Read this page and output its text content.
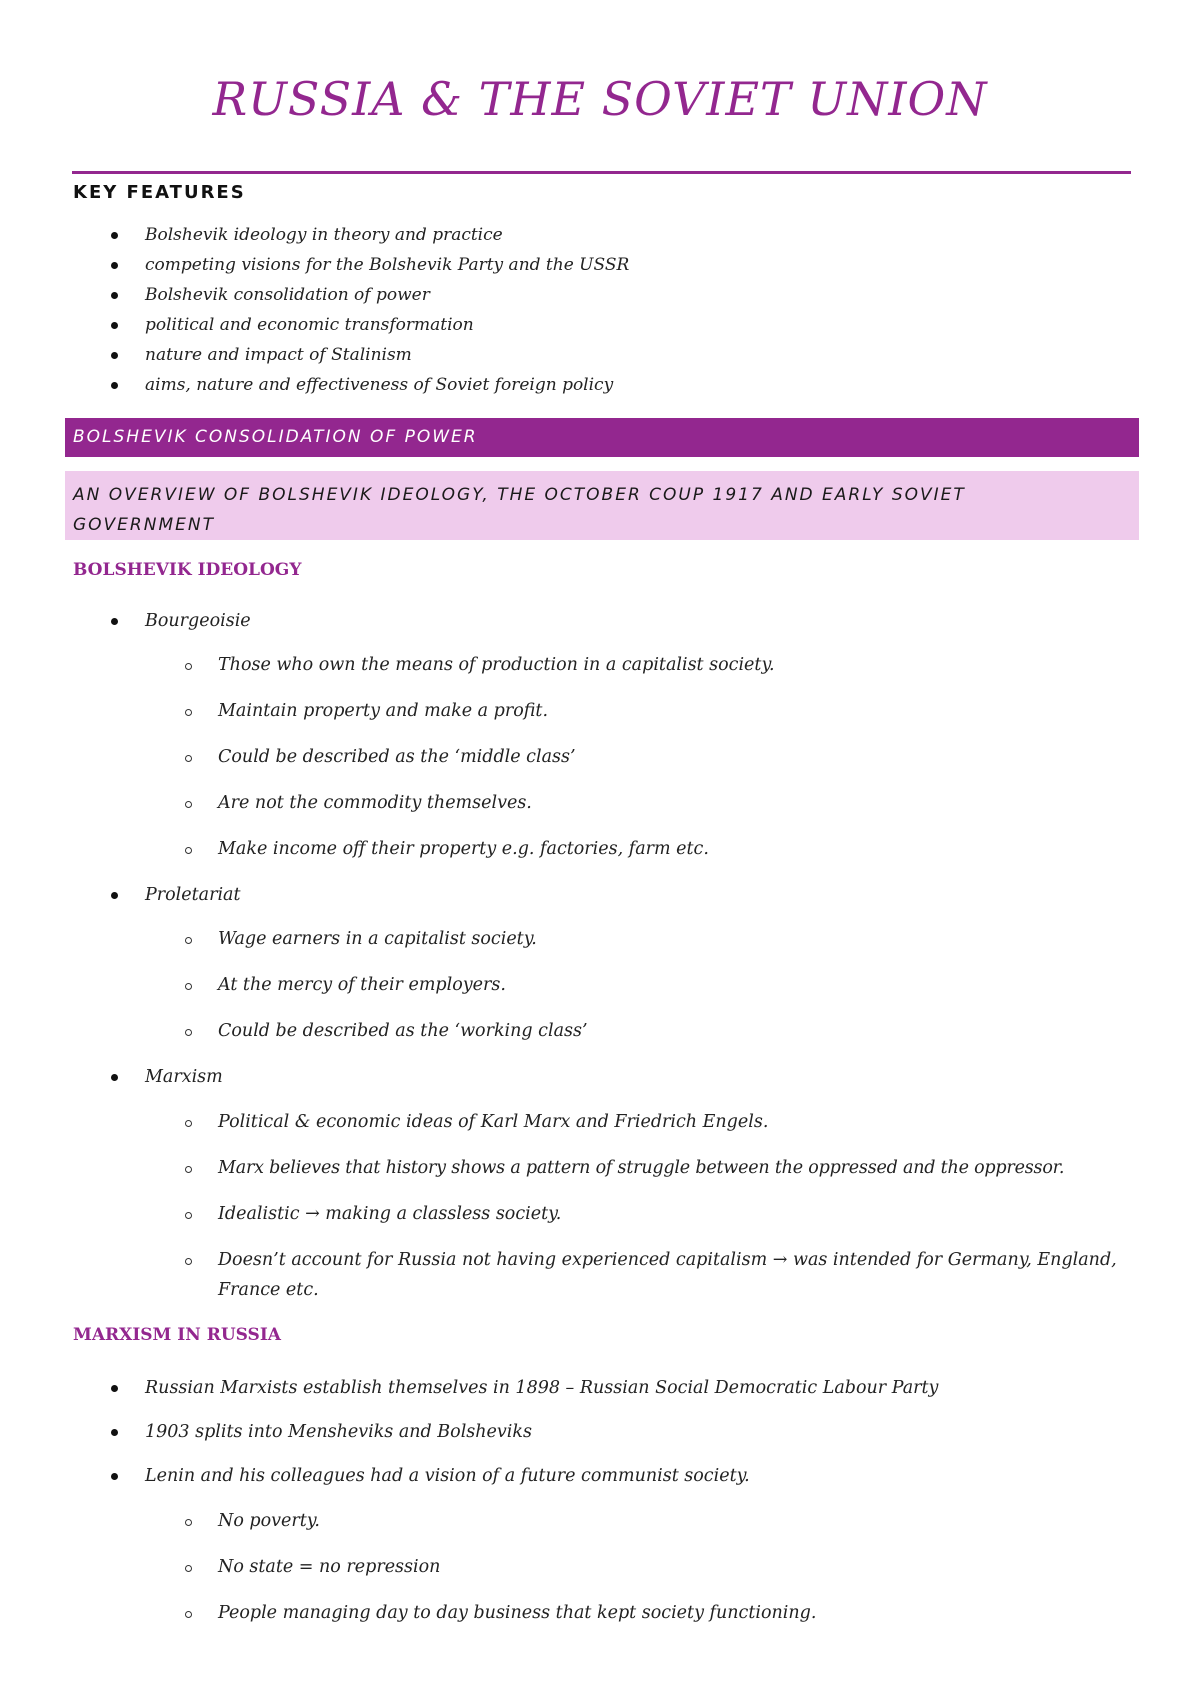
RUSSIA & THE SOVIET UNION
KEY FEATURES
Bolshevik ideology in theory and practice
competing visions for the Bolshevik Party and the USSR
Bolshevik consolidation of power
political and economic transformation
nature and impact of Stalinism
aims, nature and effectiveness of Soviet foreign policy
BOLSHEVIK CONSOLIDATION OF POWER
AN OVERVIEW OF BOLSHEVIK IDEOLOGY, THE OCTOBER COUP 1917 AND EARLY SOVIET GOVERNMENT
BOLSHEVIK IDEOLOGY
Bourgeoisie
Those who own the means of production in a capitalist society.
Maintain property and make a profit.
Could be described as the ‘middle class’
Are not the commodity themselves.
Make income off their property e.g. factories, farm etc.
Proletariat
Wage earners in a capitalist society.
At the mercy of their employers.
Could be described as the ‘working class’
Marxism
Political & economic ideas of Karl Marx and Friedrich Engels.
Marx believes that history shows a pattern of struggle between the oppressed and the oppressor.
Idealistic → making a classless society.
Doesn’t account for Russia not having experienced capitalism → was intended for Germany, England, France etc.
MARXISM IN RUSSIA
Russian Marxists establish themselves in 1898 – Russian Social Democratic Labour Party
1903 splits into Mensheviks and Bolsheviks
Lenin and his colleagues had a vision of a future communist society.
No poverty.
No state = no repression
People managing day to day business that kept society functioning.
